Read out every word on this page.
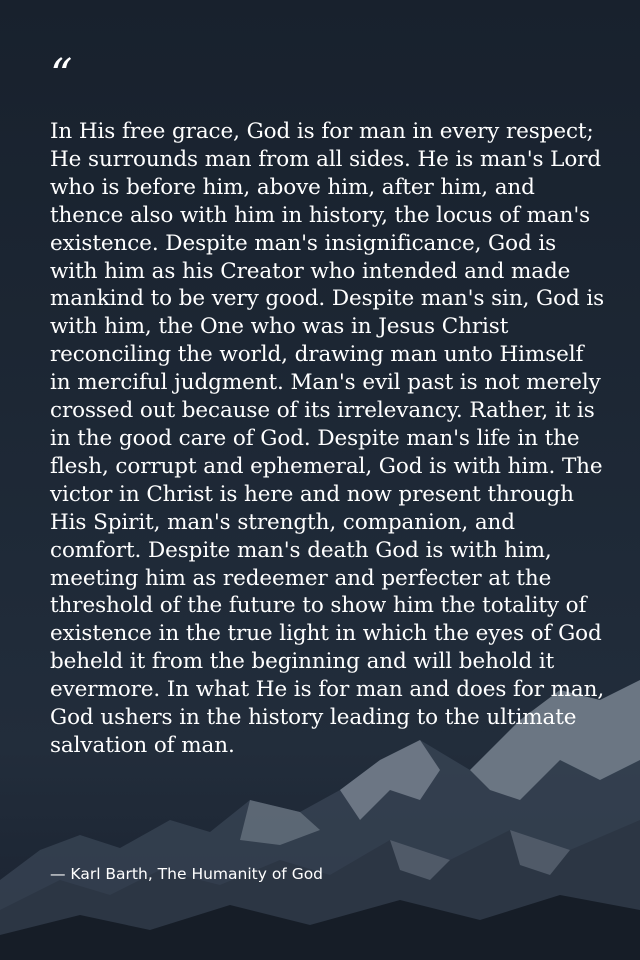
“

In His free grace, God is for man in every respect; He surrounds man from all sides. He is man's Lord who is before him, above him, after him, and thence also with him in history, the locus of man's existence. Despite man's insignificance, God is with him as his Creator who intended and made mankind to be very good. Despite man's sin, God is with him, the One who was in Jesus Christ reconciling the world, drawing man unto Himself in merciful judgment. Man's evil past is not merely crossed out because of its irrelevancy. Rather, it is in the good care of God. Despite man's life in the flesh, corrupt and ephemeral, God is with him. The victor in Christ is here and now present through His Spirit, man's strength, companion, and comfort. Despite man's death God is with him, meeting him as redeemer and perfecter at the threshold of the future to show him the totality of existence in the true light in which the eyes of God beheld it from the beginning and will behold it evermore. In what He is for man and does for man, God ushers in the history leading to the ultimate salvation of man.

— Karl Barth, The Humanity of God
